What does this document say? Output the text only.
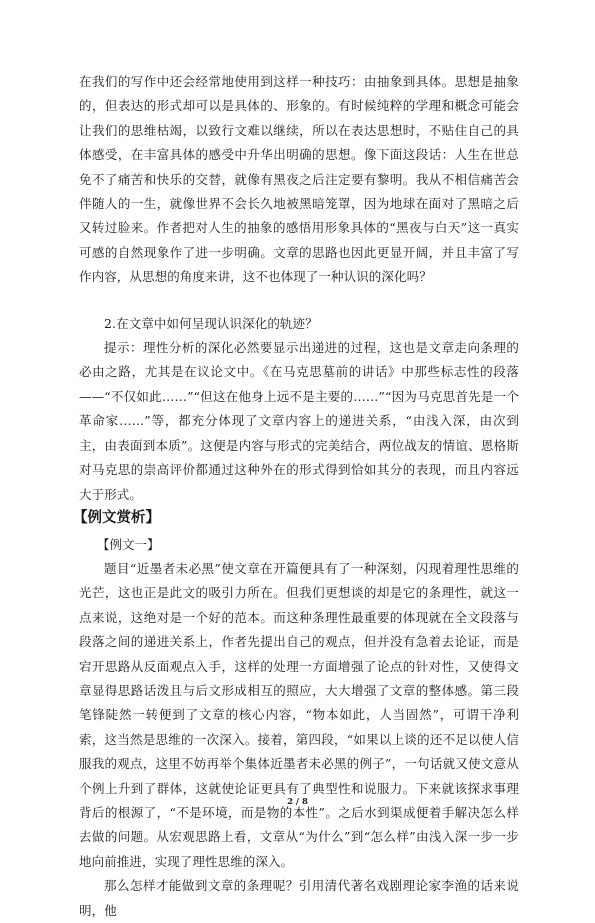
在我们的写作中还会经常地使用到这样一种技巧：由抽象到具体。思想是抽象的，但表达的形式却可以是具体的、形象的。有时候纯粹的学理和概念可能会让我们的思维枯竭，以致行文难以继续，所以在表达思想时，不贴住自己的具体感受，在丰富具体的感受中升华出明确的思想。像下面这段话：人生在世总免不了痛苦和快乐的交替，就像有黑夜之后注定要有黎明。我从不相信痛苦会伴随人的一生，就像世界不会长久地被黑暗笼罩，因为地球在面对了黑暗之后又转过脸来。作者把对人生的抽象的感悟用形象具体的“黑夜与白天”这一真实可感的自然现象作了进一步明确。文章的思路也因此更显开阔，并且丰富了写作内容，从思想的角度来讲，这不也体现了一种认识的深化吗？

2.在文章中如何呈现认识深化的轨迹？

提示：理性分析的深化必然要显示出递进的过程，这也是文章走向条理的必由之路，尤其是在议论文中。《在马克思墓前的讲话》中那些标志性的段落——“不仅如此……”“但这在他身上远不是主要的……”“因为马克思首先是一个革命家……”等，都充分体现了文章内容上的递进关系，“由浅入深，由次到主，由表面到本质”。这便是内容与形式的完美结合，两位战友的情谊、恩格斯对马克思的崇高评价都通过这种外在的形式得到恰如其分的表现，而且内容远大于形式。

【例文赏析】

【例文一】

题目“近墨者未必黑”使文章在开篇便具有了一种深刻，闪现着理性思维的光芒，这也正是此文的吸引力所在。但我们更想谈的却是它的条理性，就这一点来说，这绝对是一个好的范本。而这种条理性最重要的体现就在全文段落与段落之间的递进关系上，作者先提出自己的观点，但并没有急着去论证，而是宕开思路从反面观点入手，这样的处理一方面增强了论点的针对性，又使得文章显得思路话泼且与后文形成相互的照应，大大增强了文章的整体感。第三段笔锋陡然一转便到了文章的核心内容，“物本如此，人当固然”，可谓干净利索，这当然是思维的一次深入。接着，第四段，“如果以上谈的还不足以使人信服我的观点，这里不妨再举个集体近墨者未必黑的例子”，一句话就又使文意从个例上升到了群体，这就使论证更具有了典型性和说服力。下来就该探求事理背后的根源了，“不是环境，而是物的本性”。之后水到渠成便着手解决怎么样去做的问题。从宏观思路上看，文章从“为什么”到“怎么样”由浅入深一步一步地向前推进，实现了理性思维的深入。

那么怎样才能做到文章的条理呢？引用清代著名戏剧理论家李渔的话来说明，他

2 / 8
